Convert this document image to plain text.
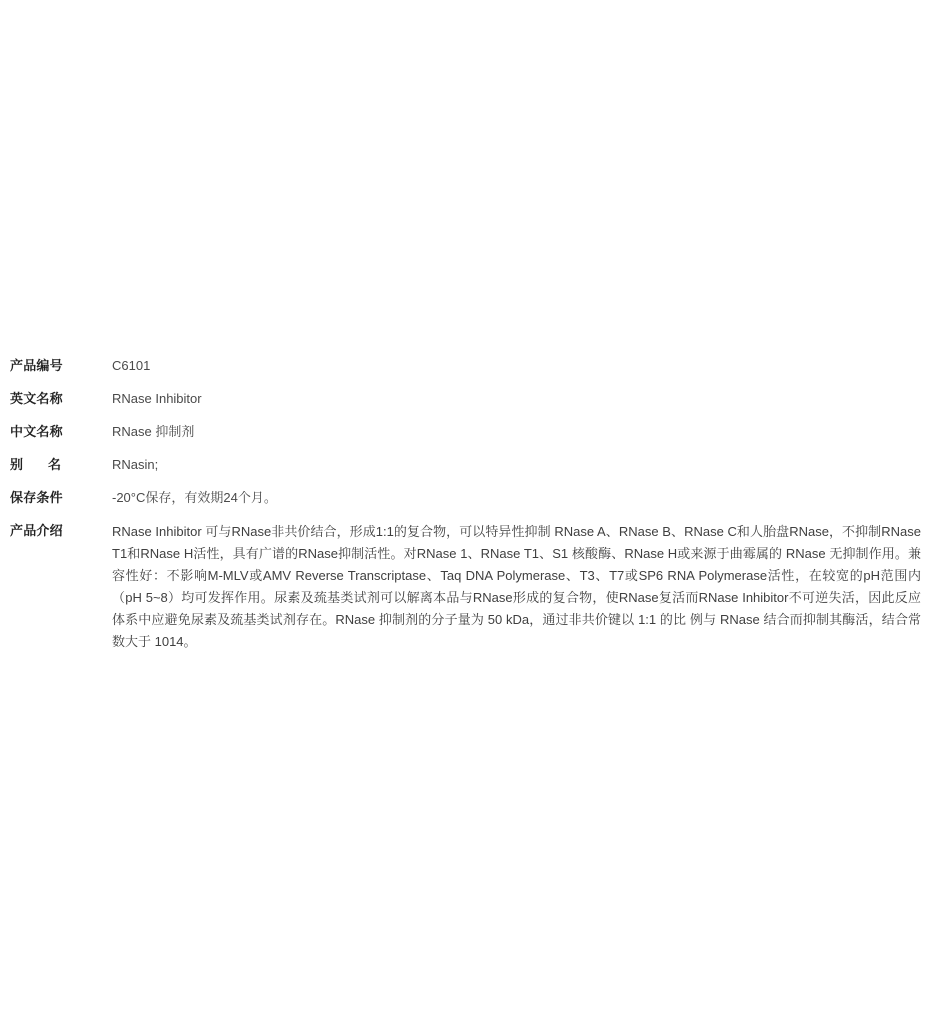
产品编号	C6101
英文名称	RNase Inhibitor
中文名称	RNase 抑制剂
别　名	RNasin;
保存条件	-20°C保存，有效期24个月。
产品介绍	RNase Inhibitor 可与RNase非共价结合，形成1:1的复合物，可以特异性抑制 RNase A、RNase B、RNase C和人胎盘RNase，不抑制RNase T1和RNase H活性，具有广谱的RNase抑制活性。对RNase 1、RNase T1、S1 核酸酶、RNase H或来源于曲霉属的 RNase 无抑制作用。兼容性好：不影响M-MLV或AMV Reverse Transcriptase、Taq DNA Polymerase、T3、T7或SP6 RNA Polymerase活性，在较宽的pH范围内（pH 5~8）均可发挥作用。尿素及巯基类试剂可以解离本品与RNase形成的复合物，使RNase复活而RNase Inhibitor不可逆失活，因此反应体系中应避免尿素及巯基类试剂存在。RNase 抑制剂的分子量为 50 kDa，通过非共价键以 1:1 的比 例与 RNase 结合而抑制其酶活，结合常数大于 1014。
